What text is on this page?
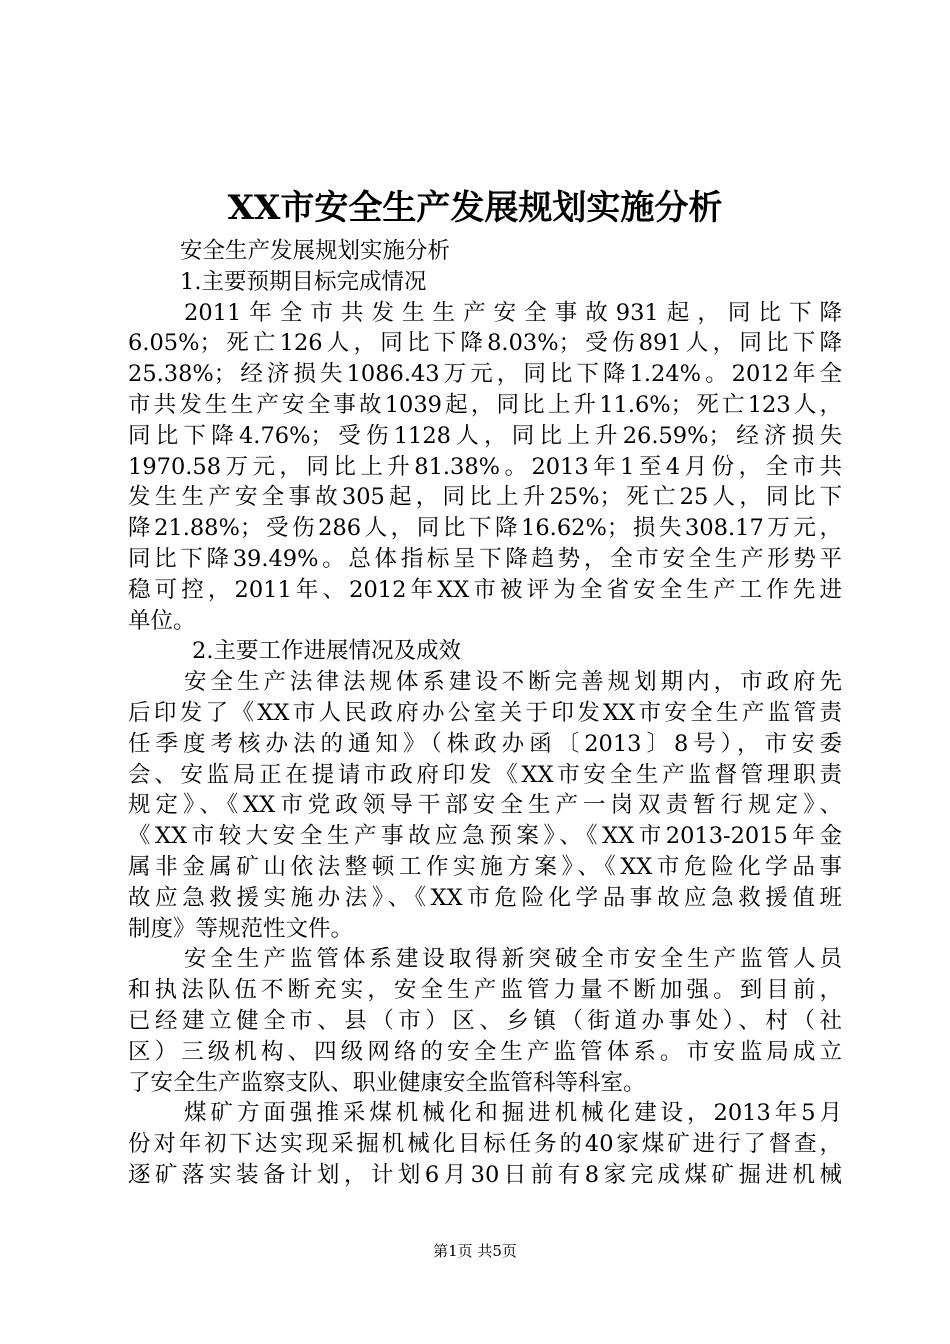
XX市安全生产发展规划实施分析
安全生产发展规划实施分析
1.主要预期目标完成情况
2011年全市共发生生产安全事故931起，同比下降
6.05%；死亡126人，同比下降8.03%；受伤891人，同比下降
25.38%；经济损失1086.43万元，同比下降1.24%。2012年全
市共发生生产安全事故1039起，同比上升11.6%；死亡123人，
同比下降4.76%；受伤1128人，同比上升26.59%；经济损失
1970.58万元，同比上升81.38%。2013年1至4月份，全市共
发生生产安全事故305起，同比上升25%；死亡25人，同比下
降21.88%；受伤286人，同比下降16.62%；损失308.17万元，
同比下降39.49%。总体指标呈下降趋势，全市安全生产形势平
稳可控，2011年、2012年XX市被评为全省安全生产工作先进
单位。
2.主要工作进展情况及成效
安全生产法律法规体系建设不断完善规划期内，市政府先
后印发了《XX市人民政府办公室关于印发XX市安全生产监管责
任季度考核办法的通知》（株政办函〔2013〕8号），市安委
会、安监局正在提请市政府印发《XX市安全生产监督管理职责
规定》、《XX市党政领导干部安全生产一岗双责暂行规定》、
《XX市较大安全生产事故应急预案》、《XX市2013-2015年金
属非金属矿山依法整顿工作实施方案》、《XX市危险化学品事
故应急救援实施办法》、《XX市危险化学品事故应急救援值班
制度》等规范性文件。
安全生产监管体系建设取得新突破全市安全生产监管人员
和执法队伍不断充实，安全生产监管力量不断加强。到目前，
已经建立健全市、县（市）区、乡镇（街道办事处）、村（社
区）三级机构、四级网络的安全生产监管体系。市安监局成立
了安全生产监察支队、职业健康安全监管科等科室。
煤矿方面强推采煤机械化和掘进机械化建设，2013年5月
份对年初下达实现采掘机械化目标任务的40家煤矿进行了督查，
逐矿落实装备计划，计划6月30日前有8家完成煤矿掘进机械
第1页 共5页
